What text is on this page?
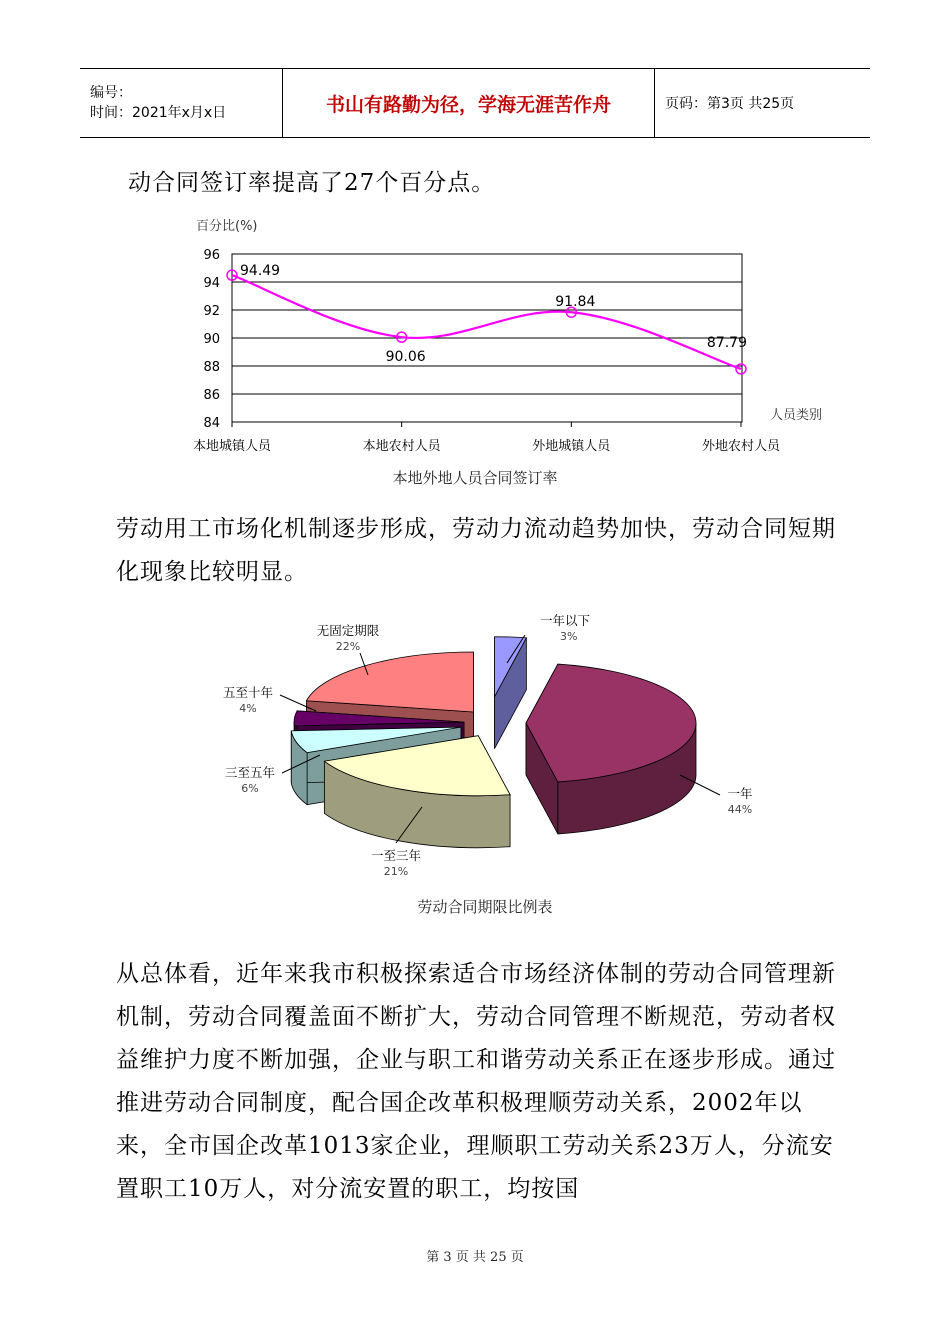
编号：
时间：2021年x月x日	书山有路勤为径，学海无涯苦作舟	页码：第3页 共25页

动合同签订率提高了27个百分点。

百分比(%)
人员类别
84
86
88
90
92
94
96
本地城镇人员	本地农村人员	外地城镇人员	外地农村人员
94.49
90.06
91.84
87.79
本地外地人员合同签订率

劳动用工市场化机制逐步形成，劳动力流动趋势加快，劳动合同短期化现象比较明显。

一年以下
3%
一年
44%
一至三年
21%
三至五年
6%
五至十年
4%
无固定期限
22%
劳动合同期限比例表

从总体看，近年来我市积极探索适合市场经济体制的劳动合同管理新机制，劳动合同覆盖面不断扩大，劳动合同管理不断规范，劳动者权益维护力度不断加强，企业与职工和谐劳动关系正在逐步形成。通过推进劳动合同制度，配合国企改革积极理顺劳动关系，2002年以来，全市国企改革1013家企业，理顺职工劳动关系23万人，分流安置职工10万人，对分流安置的职工，均按国

第 3 页 共 25 页
